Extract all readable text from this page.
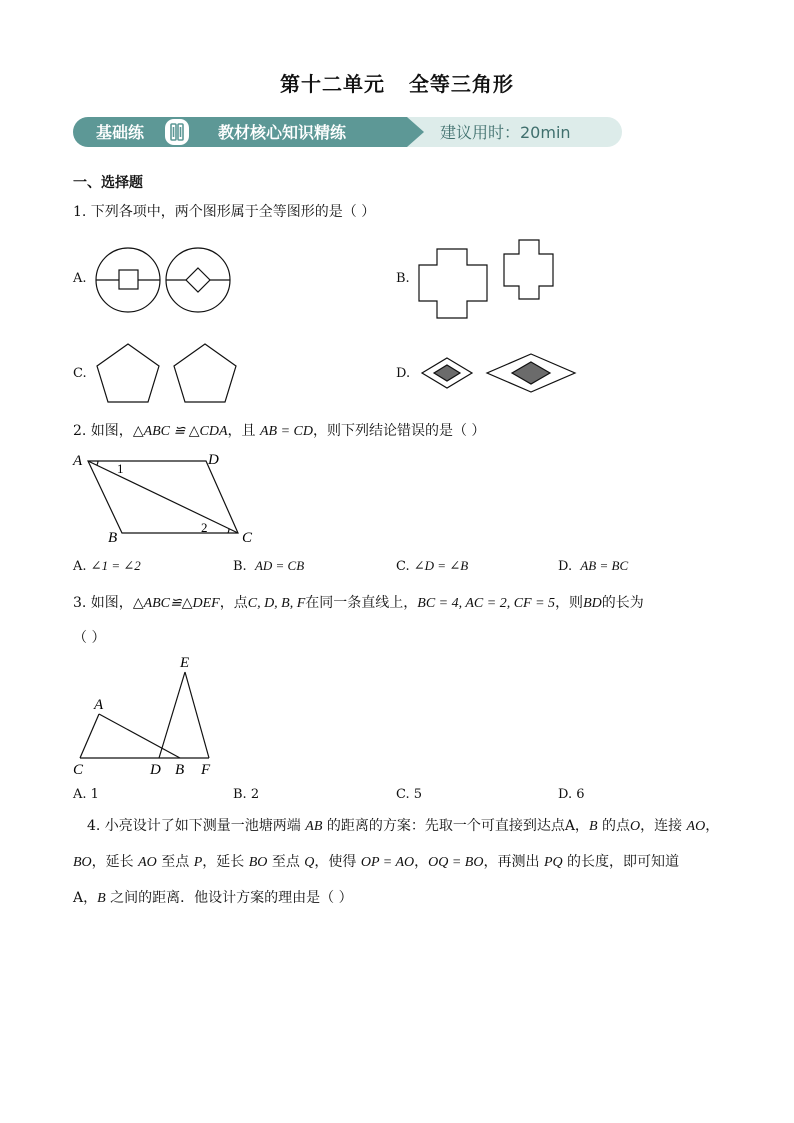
第十二单元   全等三角形
基础练	教材核心知识精练	建议用时：20min
一、选择题
1. 下列各项中，两个图形属于全等图形的是（ ）
A.	B.
C.	D.
2. 如图，△ABC ≌ △CDA，且 AB = CD，则下列结论错误的是（ ）
A	D
B	C
1
2
A. ∠1 = ∠2	B. AD = CB	C. ∠D = ∠B	D. AB = BC
3. 如图，△ABC≌△DEF，点C, D, B, F在同一条直线上，BC = 4, AC = 2, CF = 5，则BD的长为
（ ）
A
E
C	D B F
A. 1	B. 2	C. 5	D. 6
4. 小亮设计了如下测量一池塘两端 AB 的距离的方案：先取一个可直接到达点A，B 的点O，连接 AO，
BO，延长 AO 至点 P，延长 BO 至点 Q，使得 OP = AO，OQ = BO，再测出 PQ 的长度，即可知道
A，B 之间的距离．他设计方案的理由是（ ）
